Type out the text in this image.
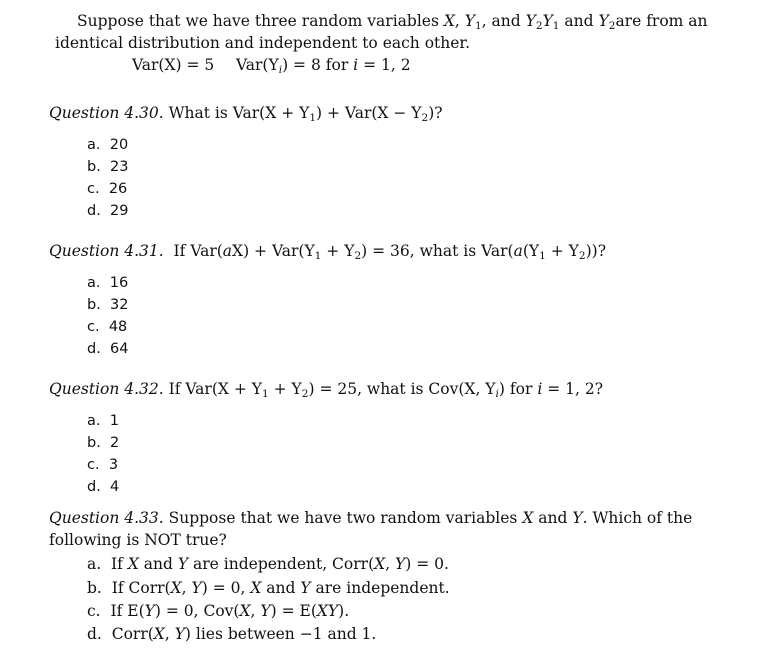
Suppose that we have three random variables X, $Y_1$, and $Y_2Y_1$ and $Y_2are$ from an
identical distribution and independent to each other.
Var(X) = 5 $Var(Y_i) = 8$ for i = 1, 2
Question 4.30. What is $Var(X + Y_1) + Var(X - Y_2)$?
a. 20
b. 23
c. 26
d. 29
Question 4.31.  If $Var(aX) + Var(Y_1 + Y_2) = 36$, what is $Var(a(Y_1 + Y_2))$?
a. 16
b. 32
c. 48
d. 64
Question 4.32. If $Var(X + Y_1 + Y_2) = 25$, what is Cov(X, $Y_i$) for i = 1, 2?
a. 1
b. 2
c. 3
d. 4
Question 4.33. Suppose that we have two random variables X and Y. Which of the
following is NOT true?
a. If X and Y are independent, Corr(X, Y) = 0.
b. If Corr(X, Y) = 0, X and Y are independent.
c. If E(Y) = 0, Cov(X, Y) = E(XY).
d. Corr(X, Y) lies between −1 and 1.
